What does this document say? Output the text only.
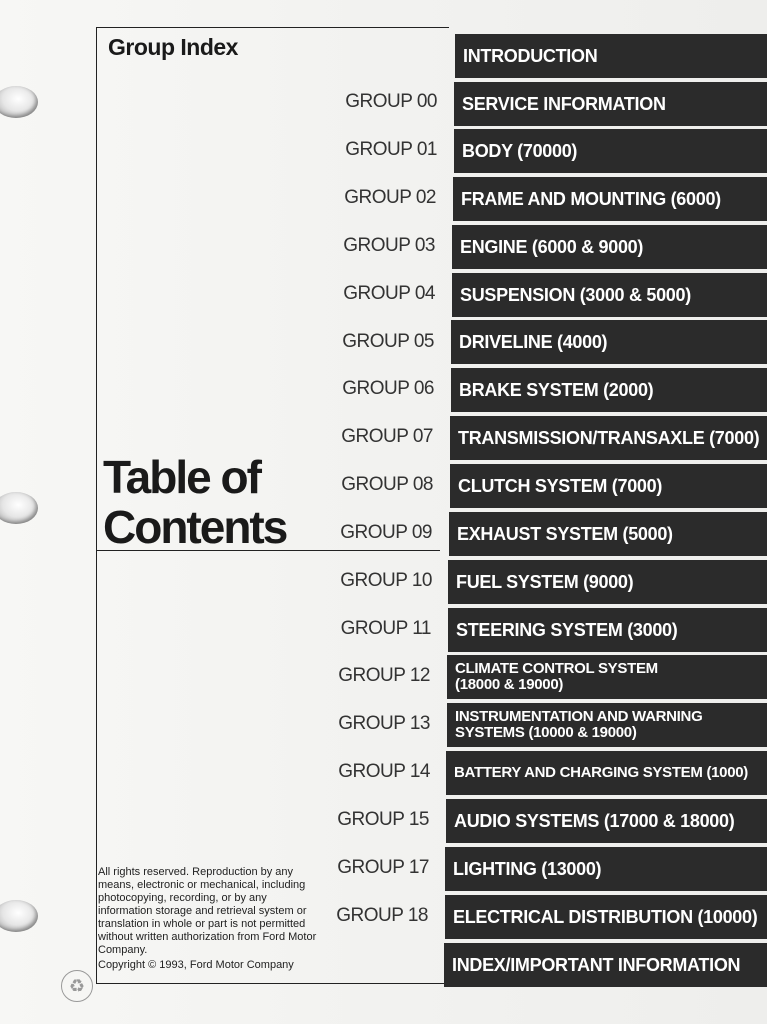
Group Index
Table of
Contents
All rights reserved. Reproduction by any means, electronic or mechanical, including photocopying, recording, or by any information storage and retrieval system or translation in whole or part is not permitted without written authorization from Ford Motor Company.
Copyright © 1993, Ford Motor Company
♻
INTRODUCTION
GROUP 00 SERVICE INFORMATION
GROUP 01 BODY (70000)
GROUP 02 FRAME AND MOUNTING (6000)
GROUP 03 ENGINE (6000 & 9000)
GROUP 04 SUSPENSION (3000 & 5000)
GROUP 05 DRIVELINE (4000)
GROUP 06 BRAKE SYSTEM (2000)
GROUP 07 TRANSMISSION/TRANSAXLE (7000)
GROUP 08 CLUTCH SYSTEM (7000)
GROUP 09 EXHAUST SYSTEM (5000)
GROUP 10 FUEL SYSTEM (9000)
GROUP 11 STEERING SYSTEM (3000)
GROUP 12 CLIMATE CONTROL SYSTEM (18000 & 19000)
GROUP 13 INSTRUMENTATION AND WARNING SYSTEMS (10000 & 19000)
GROUP 14 BATTERY AND CHARGING SYSTEM (1000)
GROUP 15 AUDIO SYSTEMS (17000 & 18000)
GROUP 17 LIGHTING (13000)
GROUP 18 ELECTRICAL DISTRIBUTION (10000)
INDEX/IMPORTANT INFORMATION
